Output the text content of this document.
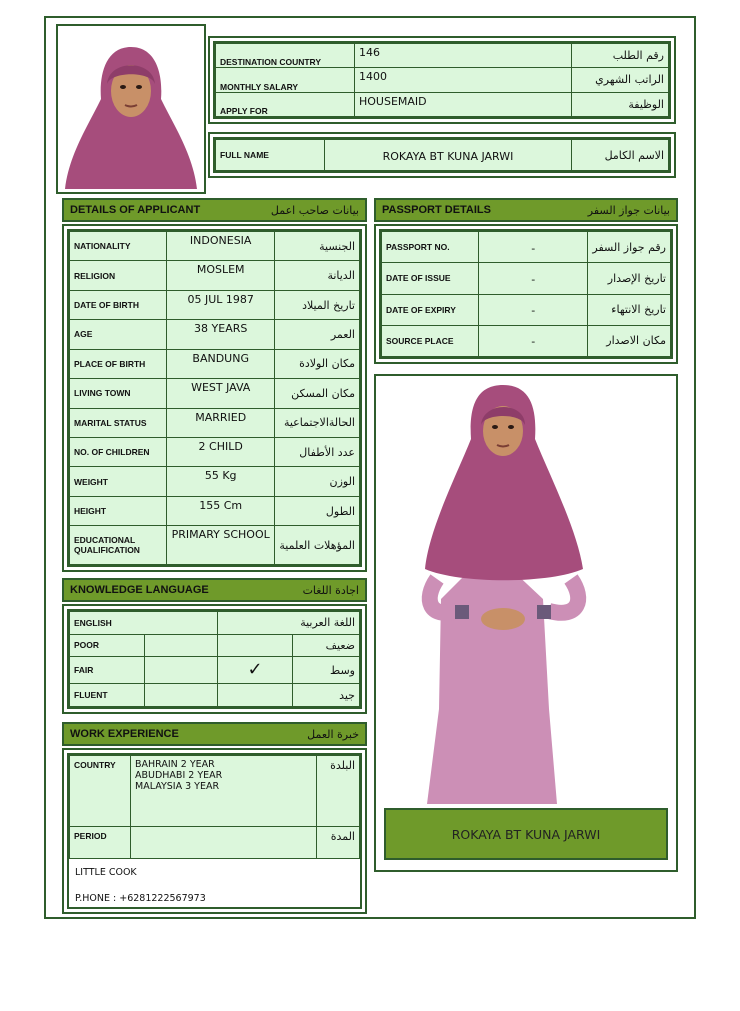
DESTINATION COUNTRY	146	رقم الطلب
MONTHLY SALARY	1400	الراتب الشهري
APPLY FOR	HOUSEMAID	الوظيفة
FULL NAME	ROKAYA BT KUNA JARWI	الاسم الكامل
DETAILS OF APPLICANT	بيانات صاحب اعمل
NATIONALITY	INDONESIA	الجنسية
RELIGION	MOSLEM	الديانة
DATE OF BIRTH	05 JUL 1987	تاريخ الميلاد
AGE	38 YEARS	العمر
PLACE OF BIRTH	BANDUNG	مكان الولادة
LIVING TOWN	WEST JAVA	مكان المسكن
MARITAL STATUS	MARRIED	الحالةالاجتماعية
NO. OF CHILDREN	2 CHILD	عدد الأطفال
WEIGHT	55 Kg	الوزن
HEIGHT	155 Cm	الطول
EDUCATIONAL QUALIFICATION	PRIMARY SCHOOL	المؤهلات العلمية
PASSPORT DETAILS	بيانات جواز السفر
PASSPORT NO.	-	رقم جواز السفر
DATE OF ISSUE	-	تاريخ الإصدار
DATE OF EXPIRY	-	تاريخ الانتهاء
SOURCE PLACE	-	مكان الاصدار
ROKAYA BT KUNA JARWI
KNOWLEDGE LANGUAGE	اجادة اللغات
ENGLISH		اللغة العربية	
POOR			ضعيف
FAIR		✓	وسط
FLUENT			جيد
WORK EXPERIENCE	خبرة العمل
COUNTRY	BAHRAIN 2 YEAR
ABUDHABI 2 YEAR
MALAYSIA 3 YEAR	البلدة
PERIOD		المدة
LITTLE COOK
P.HONE : +6281222567973
